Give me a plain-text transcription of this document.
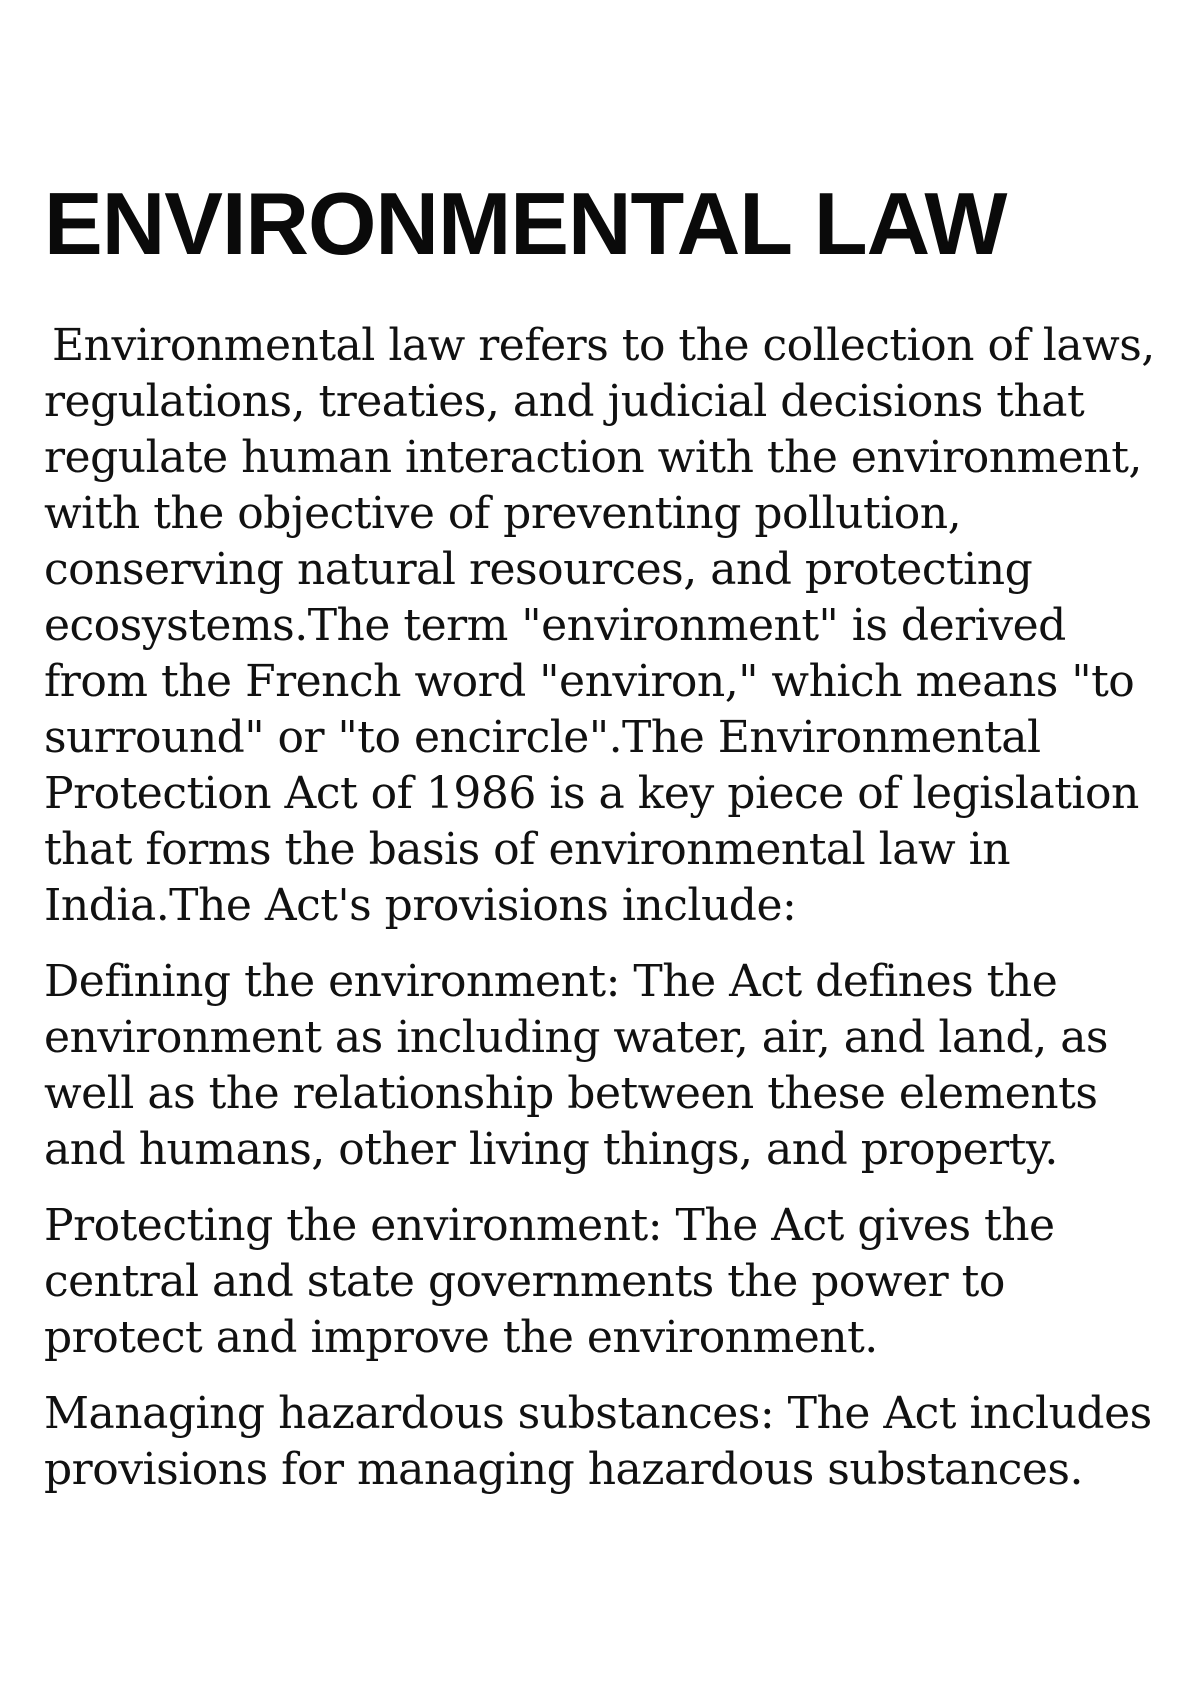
ENVIRONMENTAL LAW

Environmental law refers to the collection of laws, regulations, treaties, and judicial decisions that regulate human interaction with the environment, with the objective of preventing pollution, conserving natural resources, and protecting ecosystems.The term "environment" is derived from the French word "environ," which means "to surround" or "to encircle".The Environmental Protection Act of 1986 is a key piece of legislation that forms the basis of environmental law in India.The Act's provisions include:

Defining the environment: The Act defines the environment as including water, air, and land, as well as the relationship between these elements and humans, other living things, and property.

Protecting the environment: The Act gives the central and state governments the power to protect and improve the environment.

Managing hazardous substances: The Act includes provisions for managing hazardous substances.
